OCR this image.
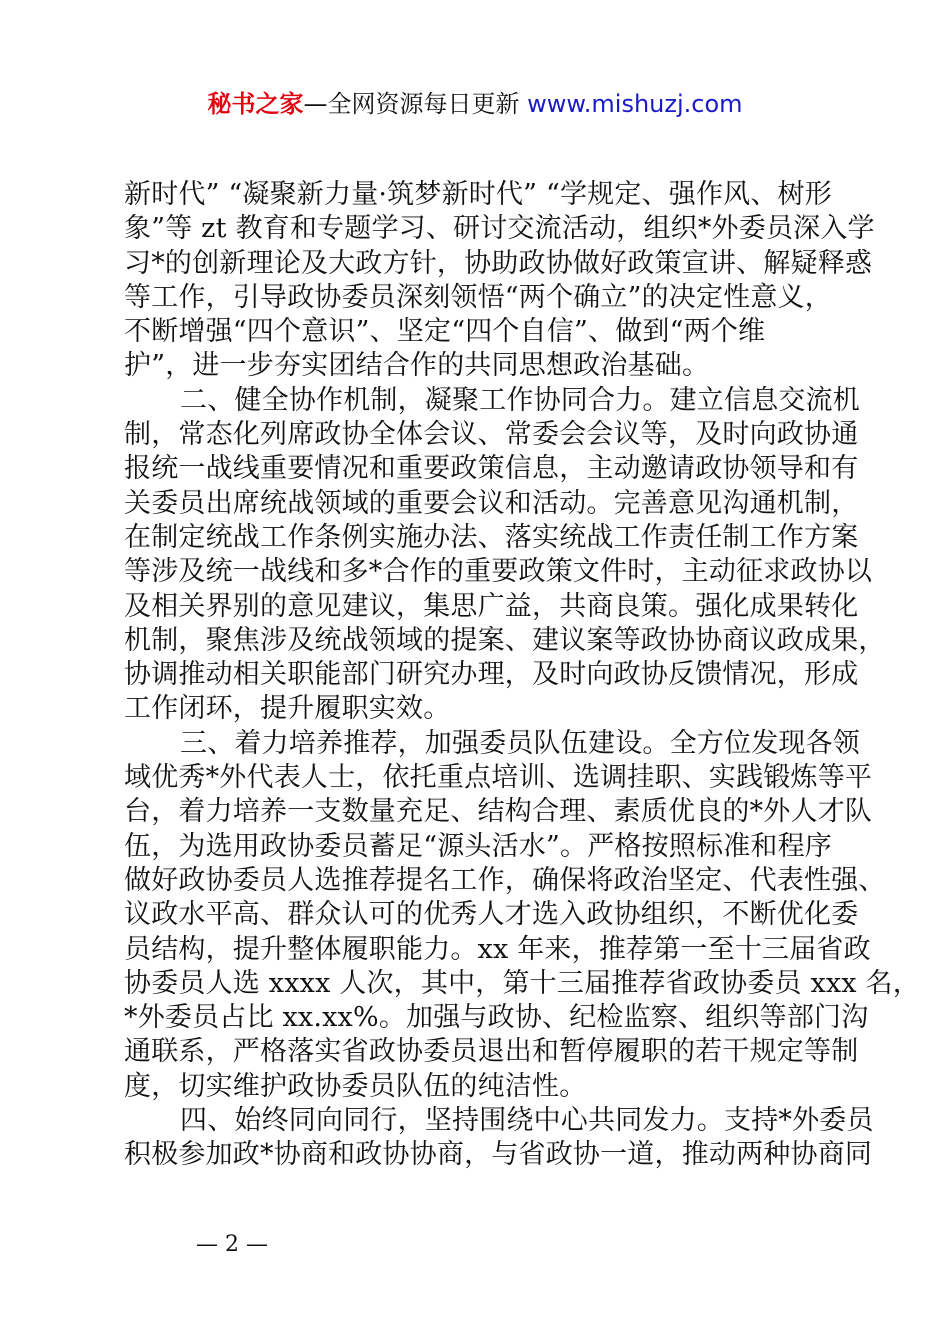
秘书之家—全网资源每日更新 www.mishuzj.com
新时代” “凝聚新力量·筑梦新时代” “学规定、强作风、树形
象”等 zt 教育和专题学习、研讨交流活动，组织*外委员深入学
习*的创新理论及大政方针，协助政协做好政策宣讲、解疑释惑
等工作，引导政协委员深刻领悟“两个确立”的决定性意义，
不断增强“四个意识”、坚定“四个自信”、做到“两个维
护”，进一步夯实团结合作的共同思想政治基础。
二、健全协作机制，凝聚工作协同合力。建立信息交流机
制，常态化列席政协全体会议、常委会会议等，及时向政协通
报统一战线重要情况和重要政策信息，主动邀请政协领导和有
关委员出席统战领域的重要会议和活动。完善意见沟通机制，
在制定统战工作条例实施办法、落实统战工作责任制工作方案
等涉及统一战线和多*合作的重要政策文件时，主动征求政协以
及相关界别的意见建议，集思广益，共商良策。强化成果转化
机制，聚焦涉及统战领域的提案、建议案等政协协商议政成果，
协调推动相关职能部门研究办理，及时向政协反馈情况，形成
工作闭环，提升履职实效。
三、着力培养推荐，加强委员队伍建设。全方位发现各领
域优秀*外代表人士，依托重点培训、选调挂职、实践锻炼等平
台，着力培养一支数量充足、结构合理、素质优良的*外人才队
伍，为选用政协委员蓄足“源头活水”。严格按照标准和程序
做好政协委员人选推荐提名工作，确保将政治坚定、代表性强、
议政水平高、群众认可的优秀人才选入政协组织，不断优化委
员结构，提升整体履职能力。xx 年来，推荐第一至十三届省政
协委员人选 xxxx 人次，其中，第十三届推荐省政协委员 xxx 名，
*外委员占比 xx.xx%。加强与政协、纪检监察、组织等部门沟
通联系，严格落实省政协委员退出和暂停履职的若干规定等制
度，切实维护政协委员队伍的纯洁性。
四、始终同向同行，坚持围绕中心共同发力。支持*外委员
积极参加政*协商和政协协商，与省政协一道，推动两种协商同
— 2 —
